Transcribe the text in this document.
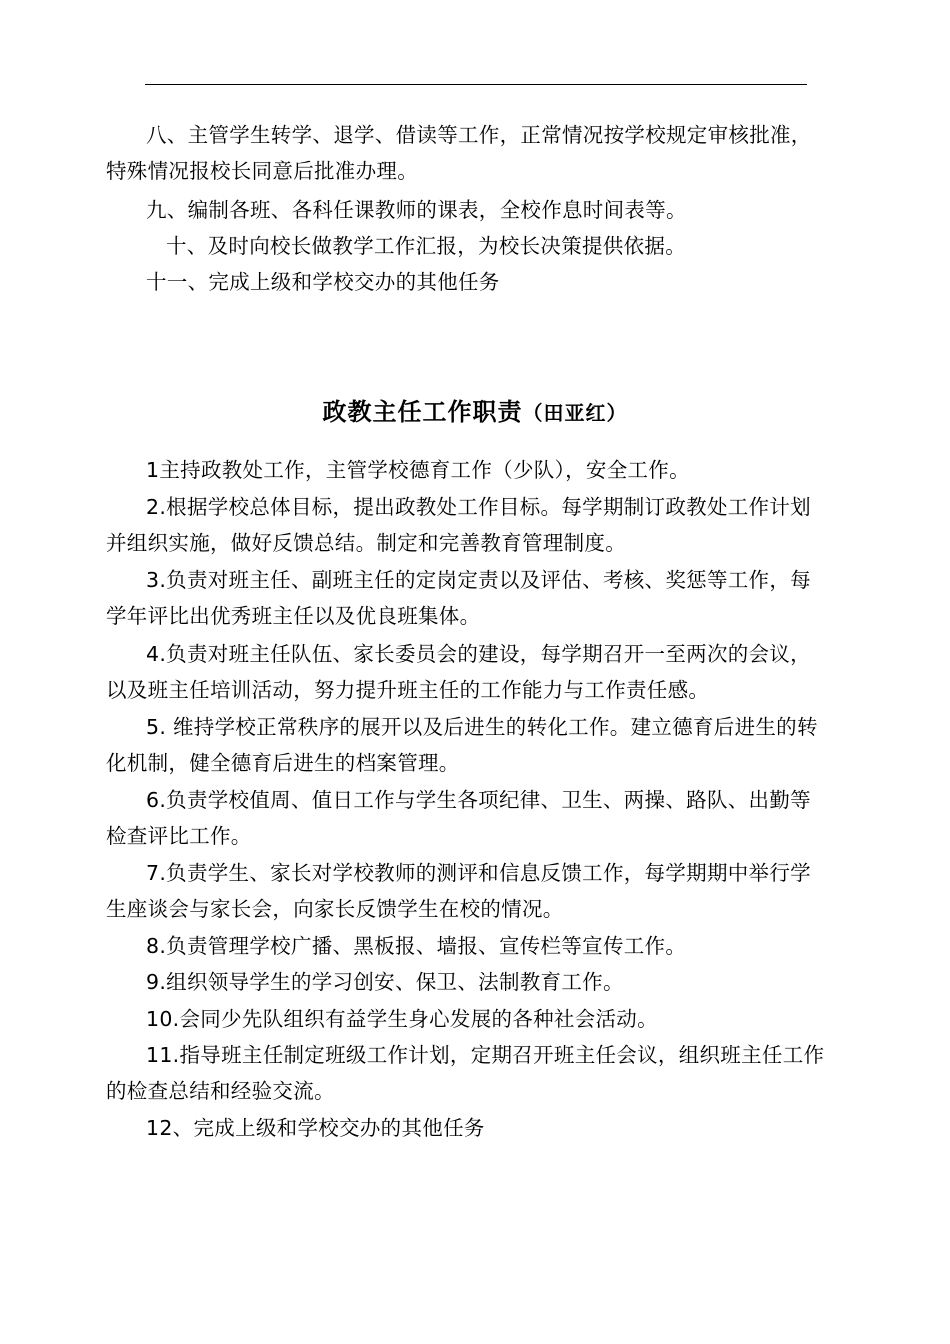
八、主管学生转学、退学、借读等工作，正常情况按学校规定审核批准，特殊情况报校长同意后批准办理。

九、编制各班、各科任课教师的课表，全校作息时间表等。

十、及时向校长做教学工作汇报，为校长决策提供依据。

十一、完成上级和学校交办的其他任务

政教主任工作职责（田亚红）

1主持政教处工作，主管学校德育工作（少队），安全工作。

2.根据学校总体目标，提出政教处工作目标。每学期制订政教处工作计划并组织实施，做好反馈总结。制定和完善教育管理制度。

3.负责对班主任、副班主任的定岗定责以及评估、考核、奖惩等工作，每学年评比出优秀班主任以及优良班集体。

4.负责对班主任队伍、家长委员会的建设，每学期召开一至两次的会议，以及班主任培训活动，努力提升班主任的工作能力与工作责任感。

5. 维持学校正常秩序的展开以及后进生的转化工作。建立德育后进生的转化机制，健全德育后进生的档案管理。

6.负责学校值周、值日工作与学生各项纪律、卫生、两操、路队、出勤等检查评比工作。

7.负责学生、家长对学校教师的测评和信息反馈工作，每学期期中举行学生座谈会与家长会，向家长反馈学生在校的情况。

8.负责管理学校广播、黑板报、墙报、宣传栏等宣传工作。

9.组织领导学生的学习创安、保卫、法制教育工作。

10.会同少先队组织有益学生身心发展的各种社会活动。

11.指导班主任制定班级工作计划，定期召开班主任会议，组织班主任工作的检查总结和经验交流。

12、完成上级和学校交办的其他任务
